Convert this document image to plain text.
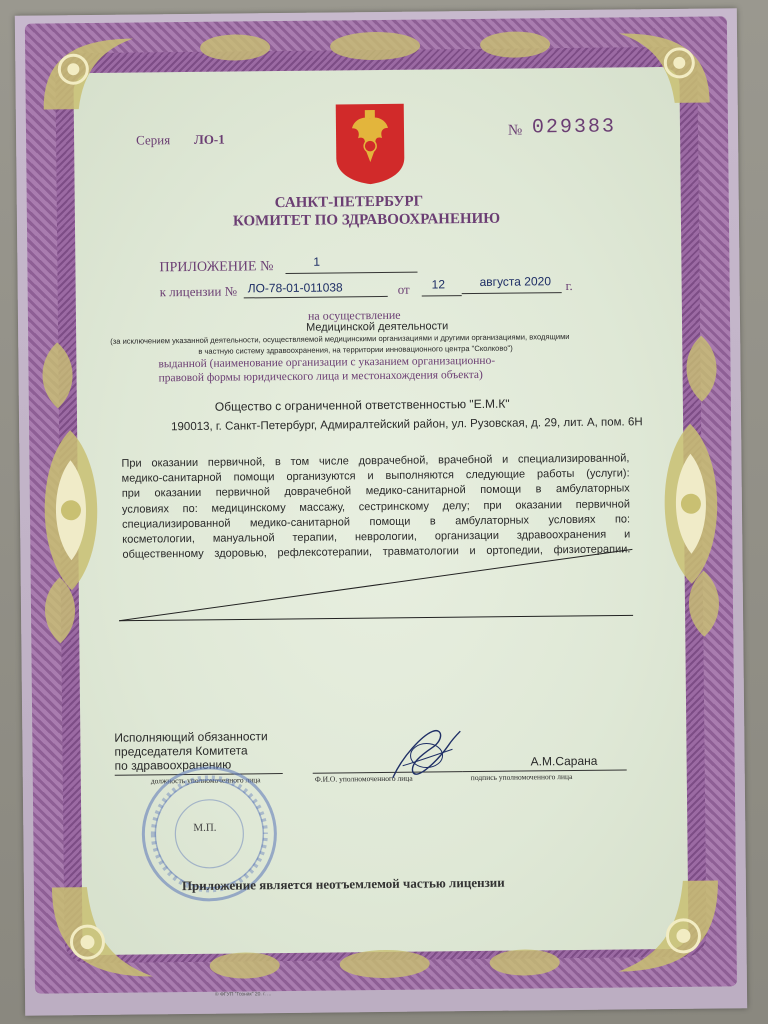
Серия ЛО-1
№ 029383
САНКТ-ПЕТЕРБУРГ
КОМИТЕТ ПО ЗДРАВООХРАНЕНИЮ
ПРИЛОЖЕНИЕ №	1
к лицензии № ЛО-78-01-011038	от 12	августа 2020 г.
на осуществление
Медицинской деятельности
(за исключением указанной деятельности, осуществляемой медицинскими организациями и другими организациями, входящими
в частную систему здравоохранения, на территории инновационного центра "Сколково")
выданной (наименование организации с указанием организационно-
правовой формы юридического лица и местонахождения объекта)
Общество с ограниченной ответственностью "Е.М.К"
190013, г. Санкт-Петербург, Адмиралтейский район, ул. Рузовская, д. 29, лит. А, пом. 6Н
При оказании первичной, в том числе доврачебной, врачебной и специализированной,
медико-санитарной помощи организуются и выполняются следующие работы (услуги):
при оказании первичной доврачебной медико-санитарной помощи в амбулаторных
условиях по: медицинскому массажу, сестринскому делу; при оказании первичной
специализированной медико-санитарной помощи в амбулаторных условиях по:
косметологии, мануальной терапии, неврологии, организации здравоохранения и
общественному здоровью, рефлексотерапии, травматологии и ортопедии, физиотерапии.
Исполняющий обязанности
председателя Комитета
по здравоохранению
должность уполномоченного лица	Ф.И.О. уполномоченного лица	подпись уполномоченного лица
А.М.Сарана
М.П.
Приложение является неотъемлемой частью лицензии
© ФГУП "Гознак" 20. г. ...
